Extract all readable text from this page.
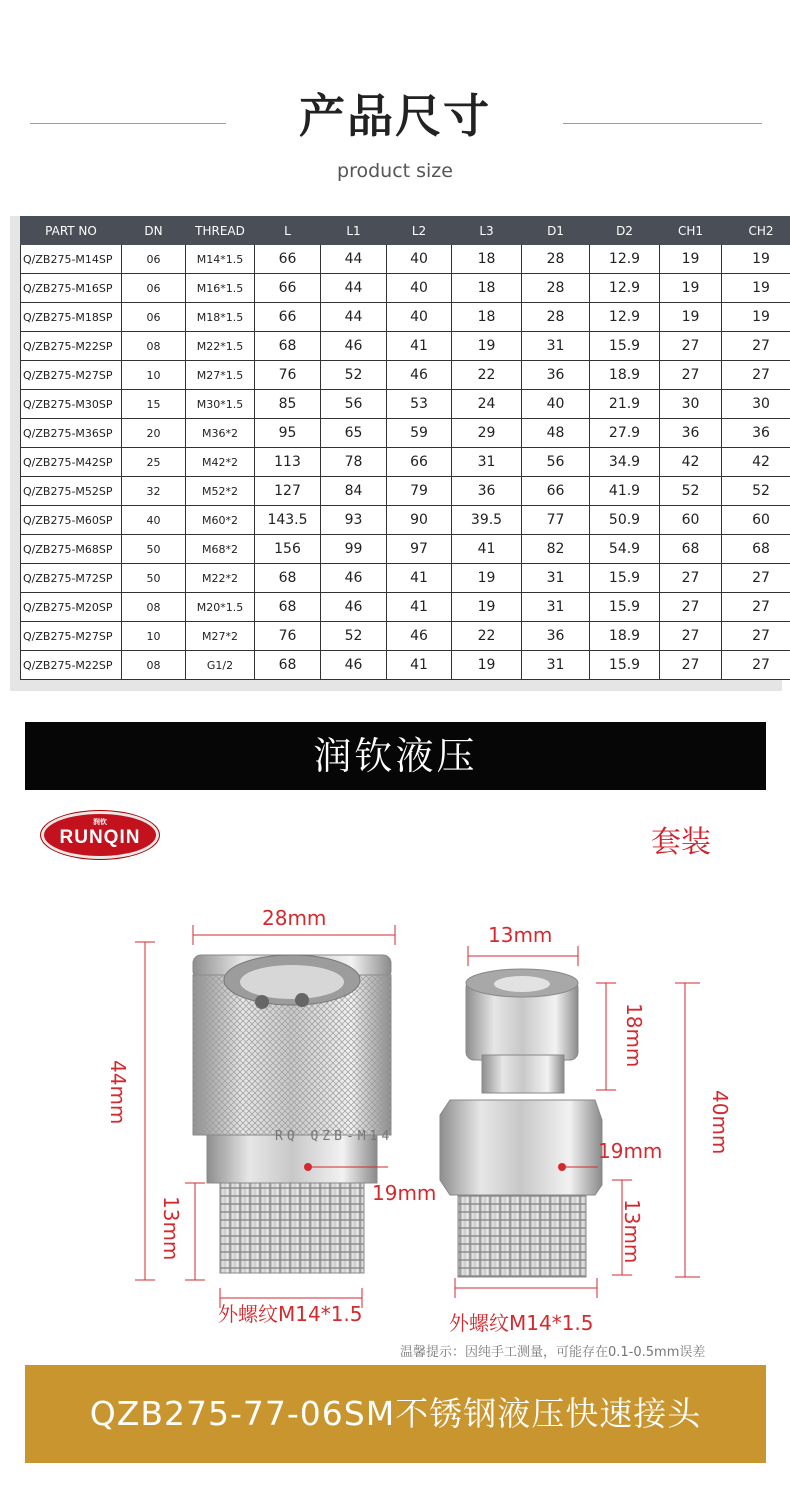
产品尺寸
product size
PART NO	DN	THREAD	L	L1	L2	L3	D1	D2	CH1	CH2
Q/ZB275-M14SP	06	M14*1.5	66	44	40	18	28	12.9	19	19
Q/ZB275-M16SP	06	M16*1.5	66	44	40	18	28	12.9	19	19
Q/ZB275-M18SP	06	M18*1.5	66	44	40	18	28	12.9	19	19
Q/ZB275-M22SP	08	M22*1.5	68	46	41	19	31	15.9	27	27
Q/ZB275-M27SP	10	M27*1.5	76	52	46	22	36	18.9	27	27
Q/ZB275-M30SP	15	M30*1.5	85	56	53	24	40	21.9	30	30
Q/ZB275-M36SP	20	M36*2	95	65	59	29	48	27.9	36	36
Q/ZB275-M42SP	25	M42*2	113	78	66	31	56	34.9	42	42
Q/ZB275-M52SP	32	M52*2	127	84	79	36	66	41.9	52	52
Q/ZB275-M60SP	40	M60*2	143.5	93	90	39.5	77	50.9	60	60
Q/ZB275-M68SP	50	M68*2	156	99	97	41	82	54.9	68	68
Q/ZB275-M72SP	50	M22*2	68	46	41	19	31	15.9	27	27
Q/ZB275-M20SP	08	M20*1.5	68	46	41	19	31	15.9	27	27
Q/ZB275-M27SP	10	M27*2	76	52	46	22	36	18.9	27	27
Q/ZB275-M22SP	08	G1/2	68	46	41	19	31	15.9	27	27
润钦液压
润钦
RUNQIN	套装
RQ QZB-M14
28mm
44mm
13mm
19mm
外螺纹M14*1.5
13mm
18mm
40mm
19mm
13mm
外螺纹M14*1.5
温馨提示：因纯手工测量，可能存在0.1-0.5mm误差
QZB275-77-06SM不锈钢液压快速接头
